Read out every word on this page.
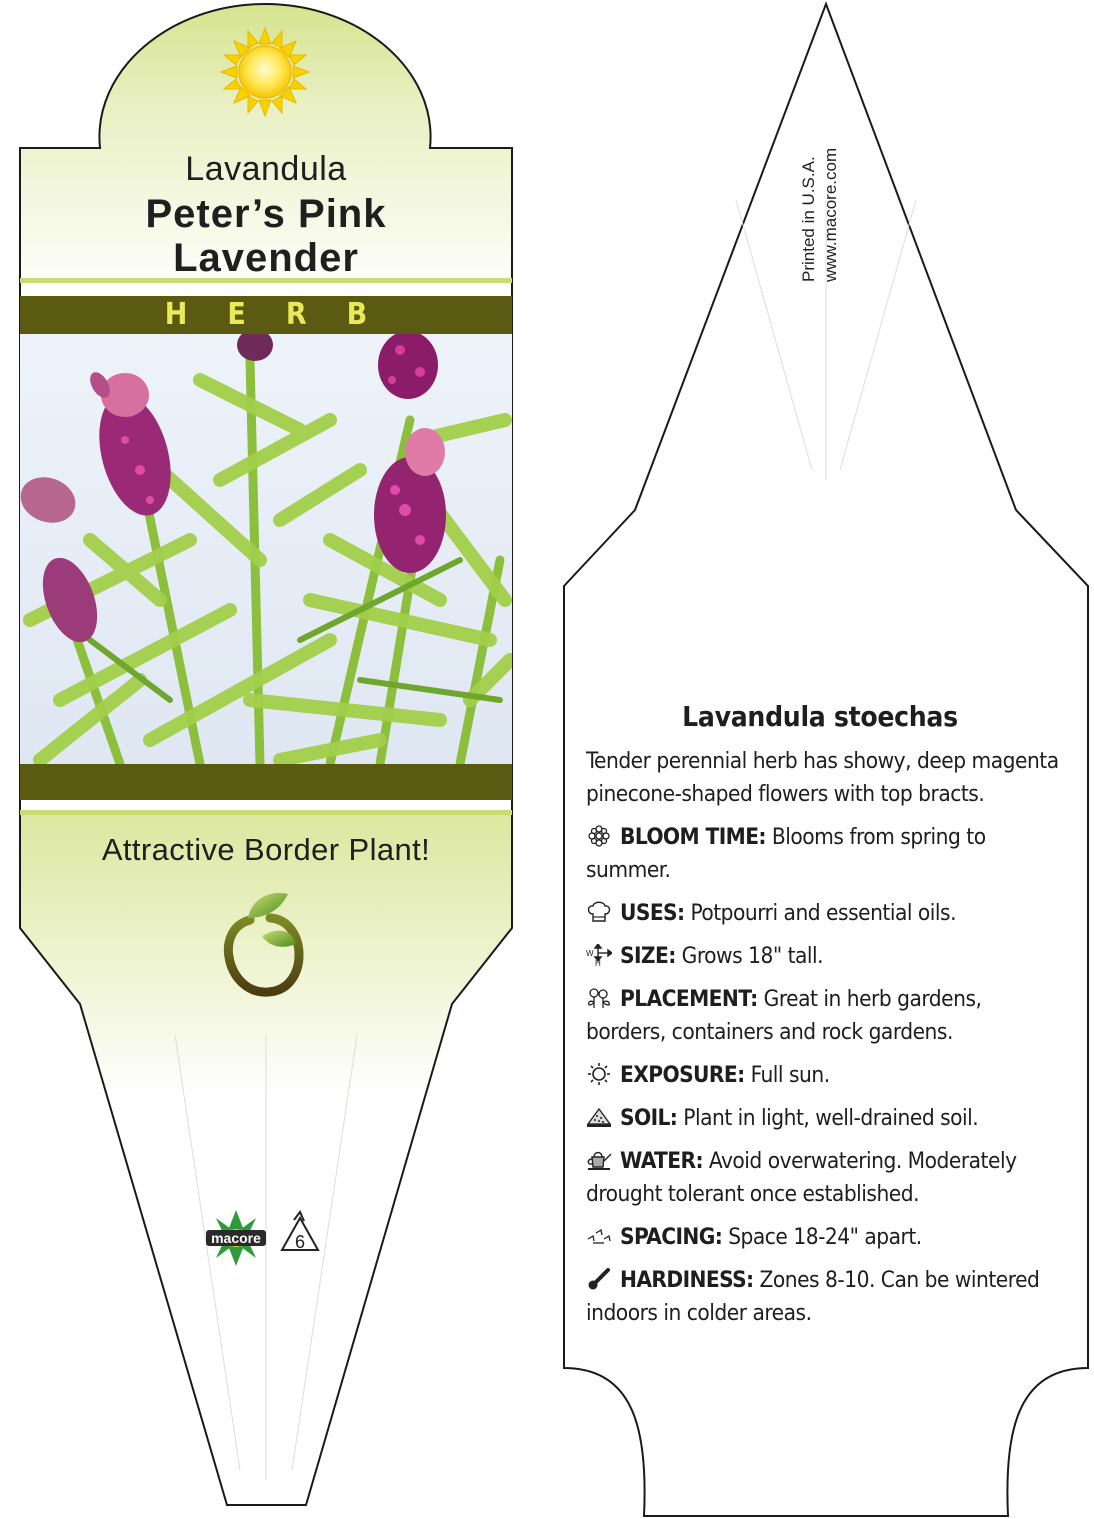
macore 6
Lavandula
Peter’s Pink
Lavender
HERB
Attractive Border Plant!
Printed in U.S.A. www.macore.com
Lavandula stoechas
Tender perennial herb has showy, deep magenta pinecone-shaped flowers with top bracts.
BLOOM TIME: Blooms from spring to summer.
USES: Potpourri and essential oils.
W
H SIZE: Grows 18" tall.
PLACEMENT: Great in herb gardens, borders, containers and rock gardens.
EXPOSURE: Full sun.
SOIL: Plant in light, well-drained soil.
WATER: Avoid overwatering. Moderately drought tolerant once established.
SPACING: Space 18-24" apart.
HARDINESS: Zones 8-10. Can be wintered indoors in colder areas.
